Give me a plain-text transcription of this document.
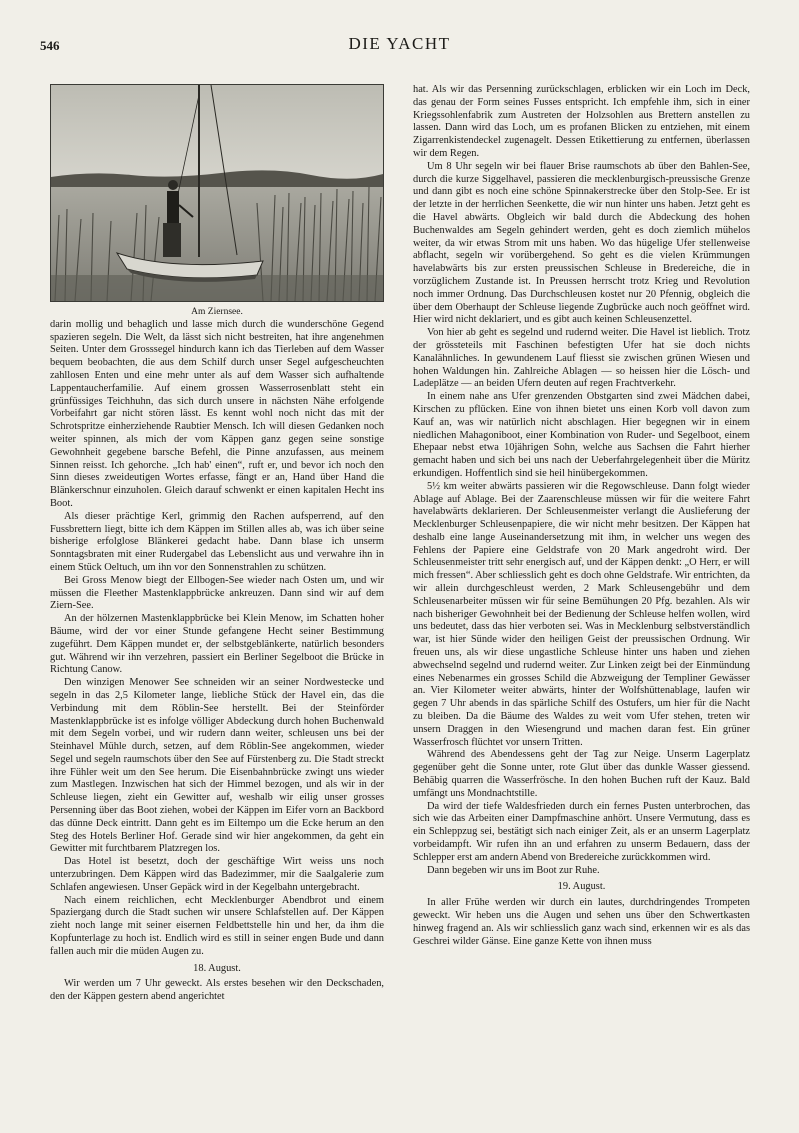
546	DIE YACHT

Am Ziernsee.

darin mollig und behaglich und lasse mich durch die wunderschöne Gegend spazieren segeln. Die Welt, da lässt sich nicht bestreiten, hat ihre angenehmen Seiten. Unter dem Grosssegel hindurch kann ich das Tierleben auf dem Wasser bequem beobachten, die aus dem Schilf durch unser Segel aufgescheuchten zahllosen Enten und eine mehr unter als auf dem Wasser sich aufhaltende Lappentaucherfamilie. Auf einem grossen Wasserrosenblatt steht ein grünfüssiges Teichhuhn, das sich durch unsere in nächsten Nähe erfolgende Vorbeifahrt gar nicht stören lässt. Es kennt wohl noch nicht das mit der Schrotspritze einherziehende Raubtier Mensch. Ich will diesen Gedanken noch weiter spinnen, als mich der vom Käppen ganz gegen seine sonstige Gewohnheit gegebene barsche Befehl, die Pinne anzufassen, aus meinem Sinnen reisst. Ich gehorche. „Ich hab' einen“, ruft er, und bevor ich noch den Sinn dieses zweideutigen Wortes erfasse, fängt er an, Hand über Hand die Blänkerschnur einzuholen. Gleich darauf schwenkt er einen kapitalen Hecht ins Boot.

Als dieser prächtige Kerl, grimmig den Rachen aufsperrend, auf den Fussbrettern liegt, bitte ich dem Käppen im Stillen alles ab, was ich über seine bisherige erfolglose Blänkerei gedacht habe. Dann blase ich unserm Sonntagsbraten mit einer Rudergabel das Lebenslicht aus und verwahre ihn in einem Stück Oeltuch, um ihn vor den Sonnenstrahlen zu schützen.

Bei Gross Menow biegt der Ellbogen-See wieder nach Osten um, und wir müssen die Fleether Mastenklappbrücke ankreuzen. Dann sind wir auf dem Ziern-See.

An der hölzernen Mastenklappbrücke bei Klein Menow, im Schatten hoher Bäume, wird der vor einer Stunde gefangene Hecht seiner Bestimmung zugeführt. Dem Käppen mundet er, der selbstgeblänkerte, natürlich besonders gut. Während wir ihn verzehren, passiert ein Berliner Segelboot die Brücke in Richtung Canow.

Den winzigen Menower See schneiden wir an seiner Nordwestecke und segeln in das 2,5 Kilometer lange, liebliche Stück der Havel ein, das die Verbindung mit dem Röblin-See herstellt. Bei der Steinförder Mastenklappbrücke ist es infolge völliger Abdeckung durch hohen Buchenwald mit dem Segeln vorbei, und wir rudern dann weiter, schleusen uns bei der Steinhavel Mühle durch, setzen, auf dem Röblin-See angekommen, wieder Segel und segeln raumschots über den See auf Fürstenberg zu. Die Stadt streckt ihre Fühler weit um den See herum. Die Eisenbahnbrücke zwingt uns wieder zum Mastlegen. Inzwischen hat sich der Himmel bezogen, und als wir in der Schleuse liegen, zieht ein Gewitter auf, weshalb wir eilig unser grosses Persenning über das Boot ziehen, wobei der Käppen im Eifer vorn an Backbord das dünne Deck eintritt. Dann geht es im Eiltempo um die Ecke herum an den Steg des Hotels Berliner Hof. Gerade sind wir hier angekommen, da geht ein Gewitter mit furchtbarem Platzregen los.

Das Hotel ist besetzt, doch der geschäftige Wirt weiss uns noch unterzubringen. Dem Käppen wird das Badezimmer, mir die Saalgalerie zum Schlafen angewiesen. Unser Gepäck wird in der Kegelbahn untergebracht.

Nach einem reichlichen, echt Mecklenburger Abendbrot und einem Spaziergang durch die Stadt suchen wir unsere Schlafstellen auf. Der Käppen zieht noch lange mit seiner eisernen Feldbettstelle hin und her, da ihm die Kopfunterlage zu hoch ist. Endlich wird es still in seiner engen Bude und dann fallen auch mir die müden Augen zu.

18. August.

Wir werden um 7 Uhr geweckt. Als erstes besehen wir den Deckschaden, den der Käppen gestern abend angerichtet

hat. Als wir das Persenning zurückschlagen, erblicken wir ein Loch im Deck, das genau der Form seines Fusses entspricht. Ich empfehle ihm, sich in einer Kriegssohlenfabrik zum Austreten der Holzsohlen aus Brettern anstellen zu lassen. Dann wird das Loch, um es profanen Blicken zu entziehen, mit einem Zigarrenkistendeckel zugenagelt. Dessen Etikettierung zu entfernen, überlassen wir dem Regen.

Um 8 Uhr segeln wir bei flauer Brise raumschots ab über den Bahlen-See, durch die kurze Siggelhavel, passieren die mecklenburgisch-preussische Grenze und dann gibt es noch eine schöne Spinnakerstrecke über den Stolp-See. Er ist der letzte in der herrlichen Seenkette, die wir nun hinter uns haben. Jetzt geht es die Havel abwärts. Obgleich wir bald durch die Abdeckung des hohen Buchenwaldes am Segeln gehindert werden, geht es doch ziemlich mühelos weiter, da wir etwas Strom mit uns haben. Wo das hügelige Ufer stellenweise abflacht, segeln wir vorübergehend. So geht es die vielen Krümmungen havelabwärts bis zur ersten preussischen Schleuse in Bredereiche, die in vorzüglichem Zustande ist. In Preussen herrscht trotz Krieg und Revolution noch immer Ordnung. Das Durchschleusen kostet nur 20 Pfennig, obgleich die über dem Oberhaupt der Schleuse liegende Zugbrücke auch noch geöffnet wird. Hier wird nicht deklariert, und es gibt auch keinen Schleusenzettel.

Von hier ab geht es segelnd und rudernd weiter. Die Havel ist lieblich. Trotz der grössteteils mit Faschinen befestigten Ufer hat sie doch nichts Kanalähnliches. In gewundenem Lauf fliesst sie zwischen grünen Wiesen und hohen Waldungen hin. Zahlreiche Ablagen — so heissen hier die Lösch- und Ladeplätze — an beiden Ufern deuten auf regen Frachtverkehr.

In einem nahe ans Ufer grenzenden Obstgarten sind zwei Mädchen dabei, Kirschen zu pflücken. Eine von ihnen bietet uns einen Korb voll davon zum Kauf an, was wir natürlich nicht abschlagen. Hier begegnen wir in einem niedlichen Mahagoniboot, einer Kombination von Ruder- und Segelboot, einem Ehepaar nebst etwa 10jährigen Sohn, welche aus Sachsen die Fahrt hierher gemacht haben und sich bei uns nach der Ueberfahrgelegenheit über die Müritz erkundigen. Hoffentlich sind sie heil hinübergekommen.

5½ km weiter abwärts passieren wir die Regowschleuse. Dann folgt wieder Ablage auf Ablage. Bei der Zaarenschleuse müssen wir für die weitere Fahrt havelabwärts deklarieren. Der Schleusenmeister verlangt die Auslieferung der Mecklenburger Schleusenpapiere, die wir nicht mehr besitzen. Der Käppen hat deshalb eine lange Auseinandersetzung mit ihm, in welcher uns wegen des Fehlens der Papiere eine Geldstrafe von 20 Mark angedroht wird. Der Schleusenmeister tritt sehr energisch auf, und der Käppen denkt: „O Herr, er will mich fressen“. Aber schliesslich geht es doch ohne Geldstrafe. Wir entrichten, da wir allein durchgeschleust werden, 2 Mark Schleusengebühr und dem Schleusenarbeiter müssen wir für seine Bemühungen 20 Pfg. bezahlen. Als wir nach bisheriger Gewohnheit bei der Bedienung der Schleuse helfen wollen, wird uns bedeutet, dass das hier verboten sei. Was in Mecklenburg selbstverständlich war, ist hier Sünde wider den heiligen Geist der preussischen Ordnung. Wir freuen uns, als wir diese ungastliche Schleuse hinter uns haben und ziehen abwechselnd segelnd und rudernd weiter. Zur Linken zeigt bei der Einmündung eines Nebenarmes ein grosses Schild die Abzweigung der Templiner Gewässer an. Vier Kilometer weiter abwärts, hinter der Wolfshüttenablage, laufen wir gegen 7 Uhr abends in das spärliche Schilf des Ostufers, um hier für die Nacht zu bleiben. Da die Bäume des Waldes zu weit vom Ufer stehen, treten wir unsern Draggen in den Wiesengrund und machen daran fest. Ein grüner Wasserfrosch flüchtet vor unsern Tritten.

Während des Abendessens geht der Tag zur Neige. Unserm Lagerplatz gegenüber geht die Sonne unter, rote Glut über das dunkle Wasser giessend. Behäbig quarren die Wasserfrösche. In den hohen Buchen ruft der Kauz. Bald umfängt uns Mondnachtstille.

Da wird der tiefe Waldesfrieden durch ein fernes Pusten unterbrochen, das sich wie das Arbeiten einer Dampfmaschine anhört. Unsere Vermutung, dass es ein Schleppzug sei, bestätigt sich nach einiger Zeit, als er an unserm Lagerplatz vorbeidampft. Wir rufen ihn an und erfahren zu unserm Bedauern, dass der Schlepper erst am andern Abend von Bredereiche zurückkommen wird.

Dann begeben wir uns im Boot zur Ruhe.

19. August.

In aller Frühe werden wir durch ein lautes, durchdringendes Trompeten geweckt. Wir heben uns die Augen und sehen uns über den Schwertkasten hinweg fragend an. Als wir schliesslich ganz wach sind, erkennen wir es als das Geschrei wilder Gänse. Eine ganze Kette von ihnen muss
